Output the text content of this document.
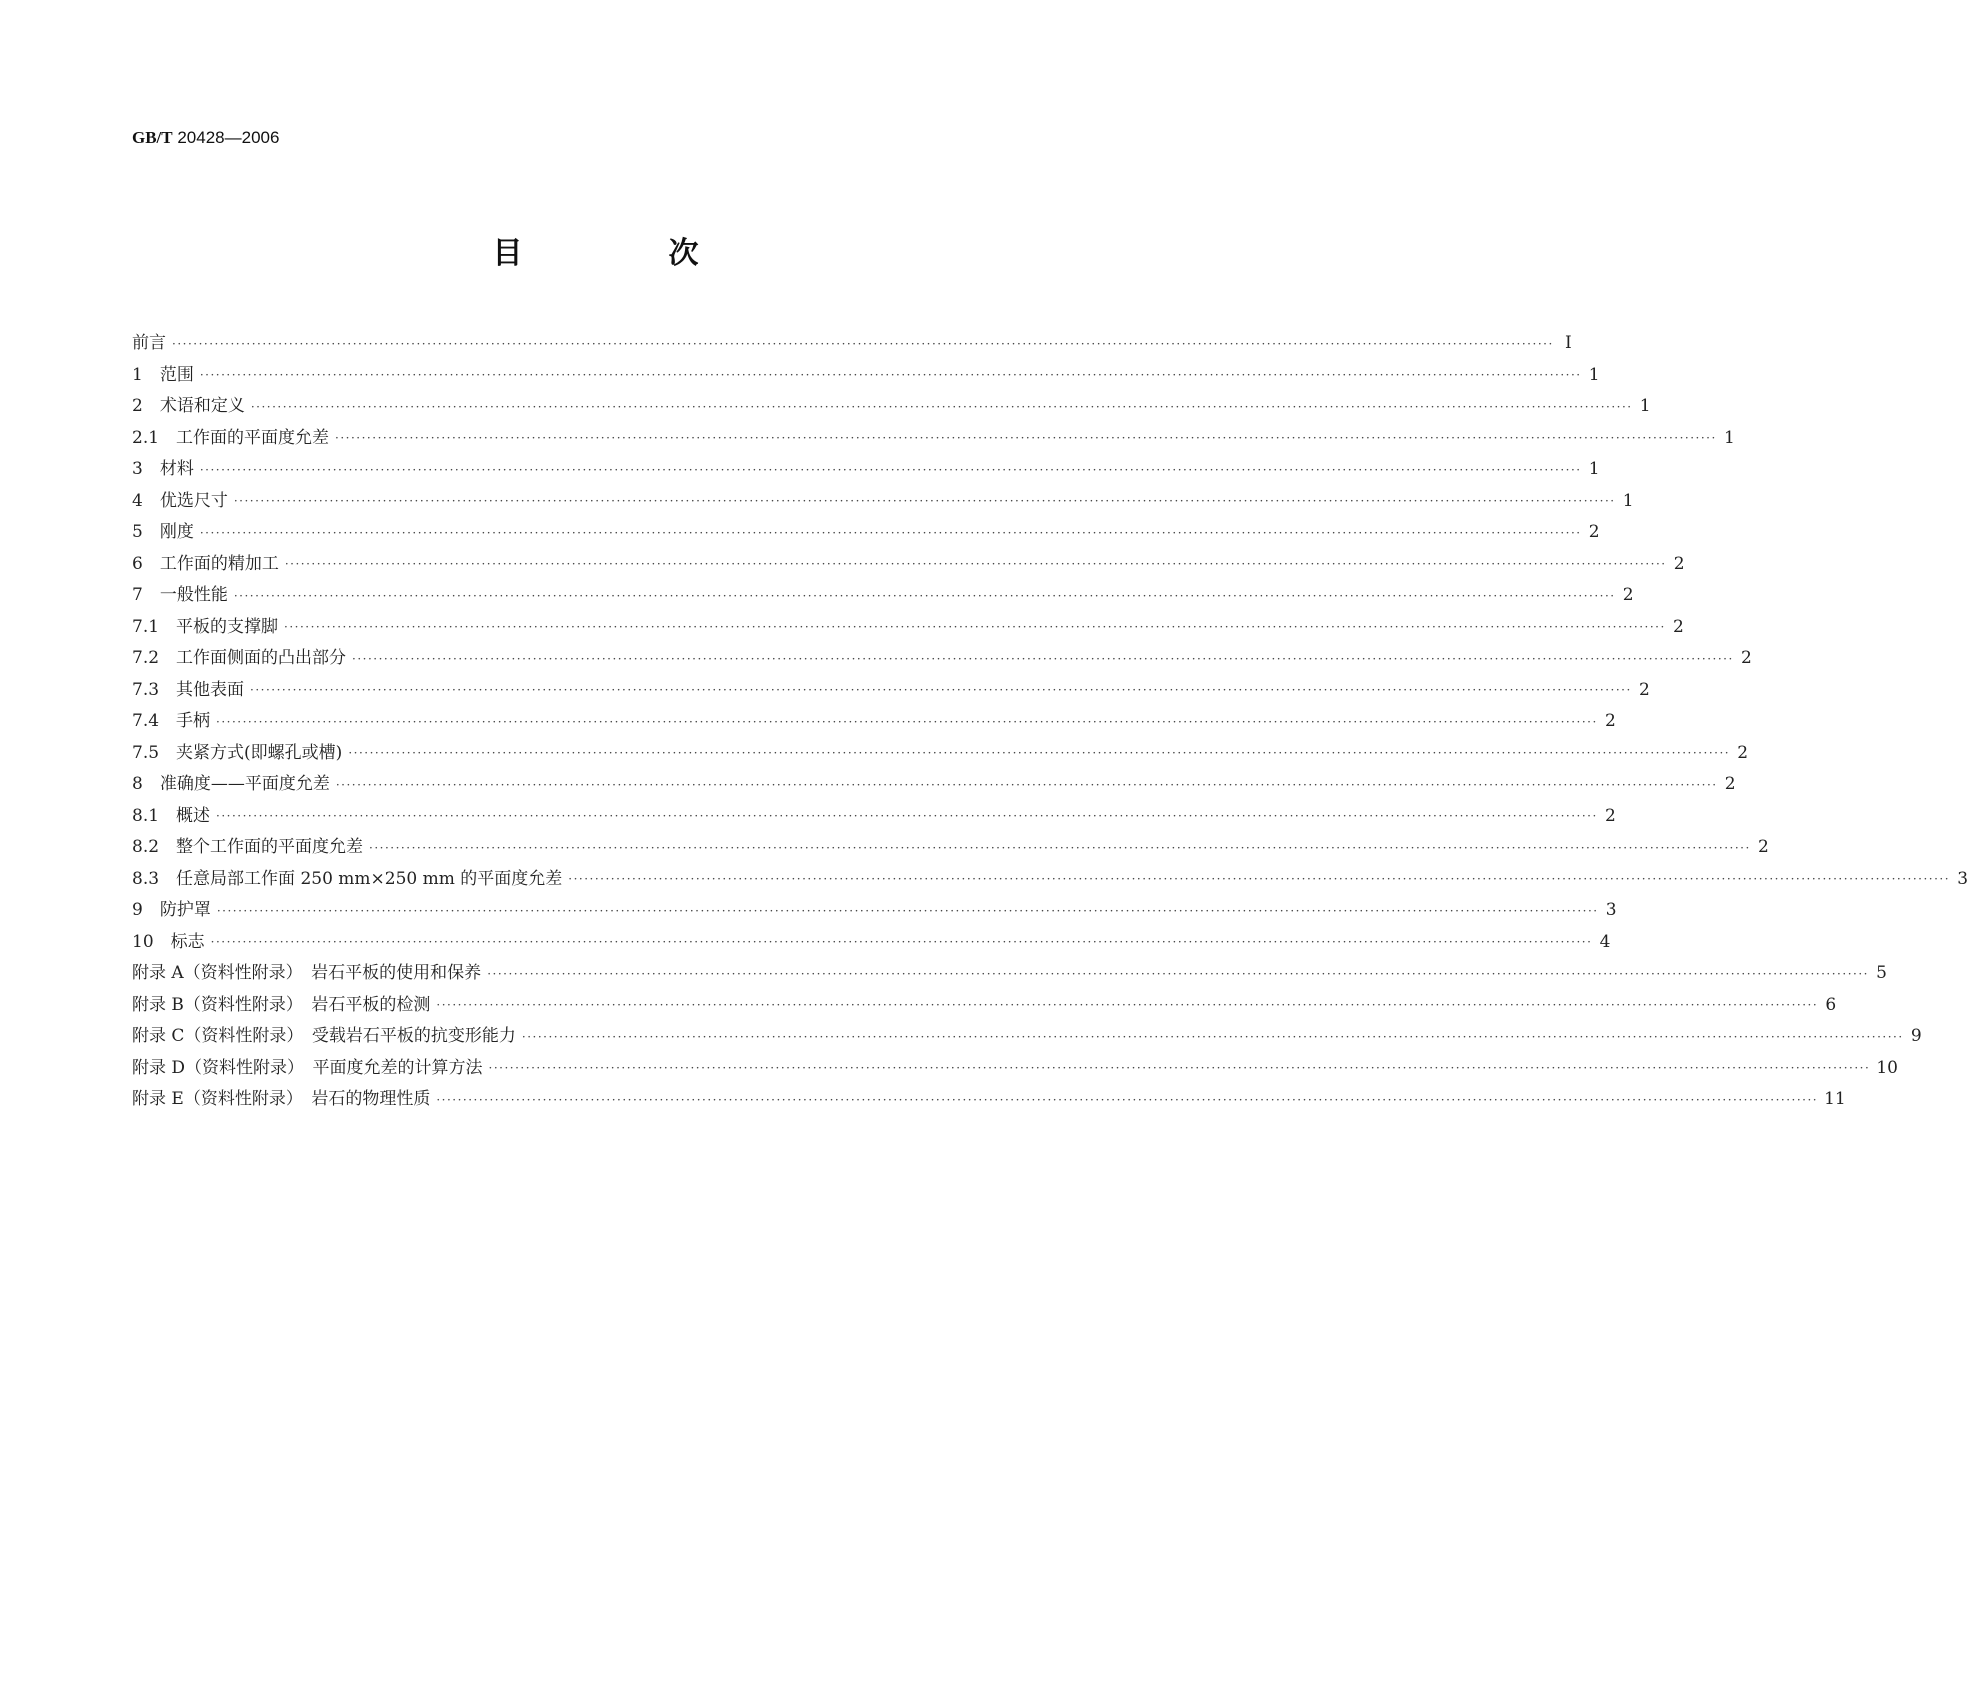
GB/T 20428—2006
目　次
前言 ···································································································································································································································································· I
1　范围 ···································································································································································································································································· 1
2　术语和定义 ···································································································································································································································································· 1
2.1　工作面的平面度允差 ···································································································································································································································································· 1
3　材料 ···································································································································································································································································· 1
4　优选尺寸 ···································································································································································································································································· 1
5　刚度 ···································································································································································································································································· 2
6　工作面的精加工 ···································································································································································································································································· 2
7　一般性能 ···································································································································································································································································· 2
7.1　平板的支撑脚 ···································································································································································································································································· 2
7.2　工作面侧面的凸出部分 ···································································································································································································································································· 2
7.3　其他表面 ···································································································································································································································································· 2
7.4　手柄 ···································································································································································································································································· 2
7.5　夹紧方式(即螺孔或槽) ···································································································································································································································································· 2
8　准确度——平面度允差 ···································································································································································································································································· 2
8.1　概述 ···································································································································································································································································· 2
8.2　整个工作面的平面度允差 ···································································································································································································································································· 2
8.3　任意局部工作面 250 mm×250 mm 的平面度允差 ···································································································································································································································································· 3
9　防护罩 ···································································································································································································································································· 3
10　标志 ···································································································································································································································································· 4
附录 A（资料性附录）　岩石平板的使用和保养 ···································································································································································································································································· 5
附录 B（资料性附录）　岩石平板的检测 ···································································································································································································································································· 6
附录 C（资料性附录）　受载岩石平板的抗变形能力 ···································································································································································································································································· 9
附录 D（资料性附录）　平面度允差的计算方法 ···································································································································································································································································· 10
附录 E（资料性附录）　岩石的物理性质 ···································································································································································································································································· 11
